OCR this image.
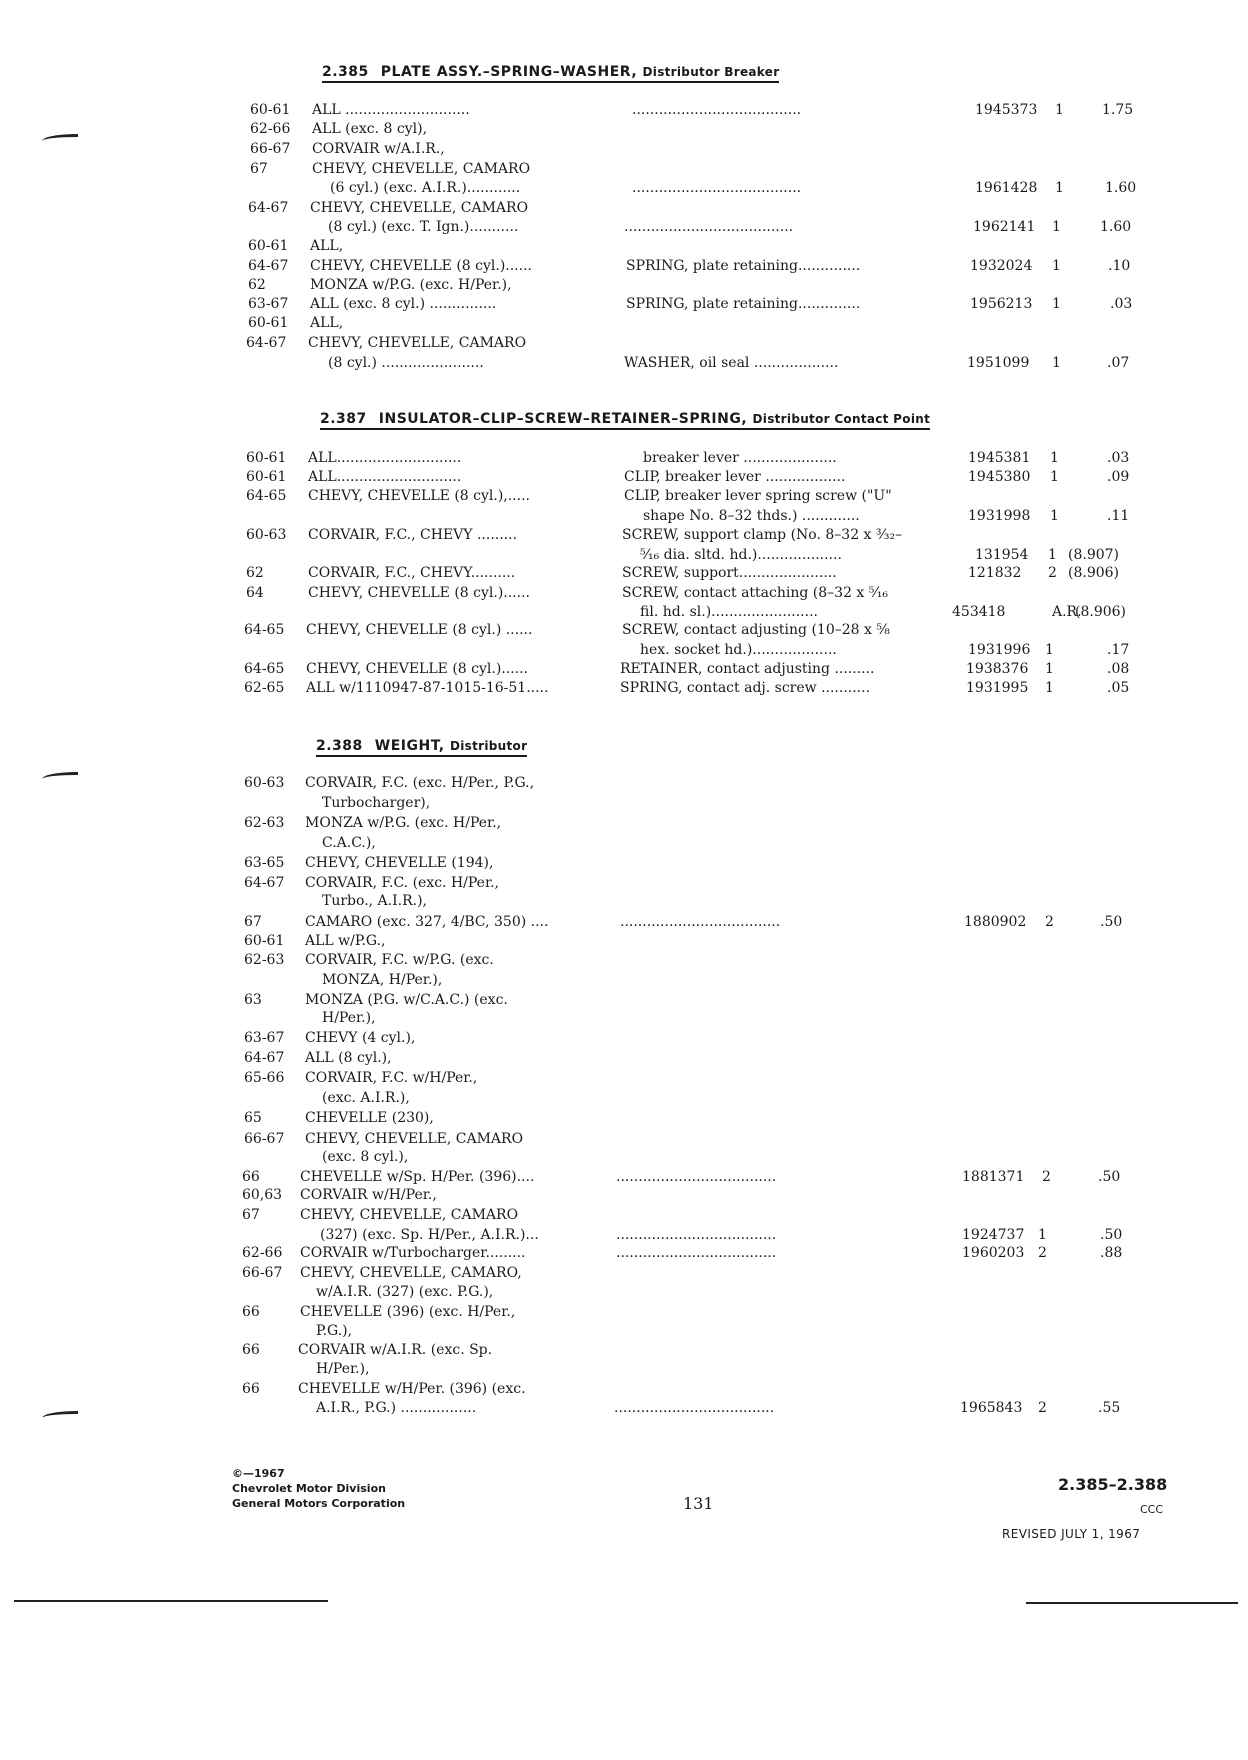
2.385 PLATE ASSY.–SPRING–WASHER, Distributor Breaker
2.387 INSULATOR–CLIP–SCREW–RETAINER–SPRING, Distributor Contact Point
2.388 WEIGHT, Distributor
60-61 ALL ............................	......................................	1945373 1	1.75
62-66 ALL (exc. 8 cyl),
66-67 CORVAIR w/A.I.R.,
67	CHEVY, CHEVELLE, CAMARO
(6 cyl.) (exc. A.I.R.)............	......................................	1961428 1	1.60
64-67 CHEVY, CHEVELLE, CAMARO
(8 cyl.) (exc. T. Ign.)...........	......................................	1962141 1	1.60
60-61 ALL,
64-67 CHEVY, CHEVELLE (8 cyl.)......	SPRING, plate retaining..............	1932024 1	.10
62	MONZA w/P.G. (exc. H/Per.),
63-67 ALL (exc. 8 cyl.) ...............	SPRING, plate retaining..............	1956213 1	.03
60-61 ALL,
64-67 CHEVY, CHEVELLE, CAMARO
(8 cyl.) .......................	WASHER, oil seal ...................	1951099 1	.07
60-61 ALL............................	breaker lever .....................	1945381 1	.03
60-61 ALL............................	CLIP, breaker lever ..................	1945380 1	.09
64-65 CHEVY, CHEVELLE (8 cyl.),.....	CLIP, breaker lever spring screw ("U"
shape No. 8–32 thds.) .............	1931998 1	.11
60-63 CORVAIR, F.C., CHEVY .........	SCREW, support clamp (No. 8–32 x ³⁄₃₂–
⁵⁄₁₆ dia. sltd. hd.)...................	131954 1 (8.907)
62	CORVAIR, F.C., CHEVY..........	SCREW, support......................	121832 2 (8.906)
64	CHEVY, CHEVELLE (8 cyl.)......	SCREW, contact attaching (8–32 x ⁵⁄₁₆
fil. hd. sl.)........................	453418	A.R.
(8.906)
64-65 CHEVY, CHEVELLE (8 cyl.) ......	SCREW, contact adjusting (10–28 x ⁵⁄₈
hex. socket hd.)...................	1931996 1	.17
64-65 CHEVY, CHEVELLE (8 cyl.)......	RETAINER, contact adjusting .........	1938376 1	.08
62-65 ALL w/1110947-87-1015-16-51.....	SPRING, contact adj. screw ...........	1931995 1	.05
60-63 CORVAIR, F.C. (exc. H/Per., P.G.,
Turbocharger),
62-63 MONZA w/P.G. (exc. H/Per.,
C.A.C.),
63-65 CHEVY, CHEVELLE (194),
64-67 CORVAIR, F.C. (exc. H/Per.,
Turbo., A.I.R.),
67	CAMARO (exc. 327, 4/BC, 350) ....	....................................	1880902 2	.50
60-61 ALL w/P.G.,
62-63 CORVAIR, F.C. w/P.G. (exc.
MONZA, H/Per.),
63	MONZA (P.G. w/C.A.C.) (exc.
H/Per.),
63-67 CHEVY (4 cyl.),
64-67 ALL (8 cyl.),
65-66 CORVAIR, F.C. w/H/Per.,
(exc. A.I.R.),
65	CHEVELLE (230),
66-67 CHEVY, CHEVELLE, CAMARO
(exc. 8 cyl.),
66	CHEVELLE w/Sp. H/Per. (396)....	....................................	1881371 2	.50
60,63 CORVAIR w/H/Per.,
67	CHEVY, CHEVELLE, CAMARO
(327) (exc. Sp. H/Per., A.I.R.)...	....................................	1924737 1	.50
62-66 CORVAIR w/Turbocharger.........	....................................	1960203 2	.88
66-67 CHEVY, CHEVELLE, CAMARO,
w/A.I.R. (327) (exc. P.G.),
66	CHEVELLE (396) (exc. H/Per.,
P.G.),
66	CORVAIR w/A.I.R. (exc. Sp.
H/Per.),
66	CHEVELLE w/H/Per. (396) (exc.
A.I.R., P.G.) .................	....................................	1965843 2	.55
©—1967
Chevrolet Motor Division
General Motors Corporation	131
2.385–2.388
CCC
REVISED JULY 1, 1967
